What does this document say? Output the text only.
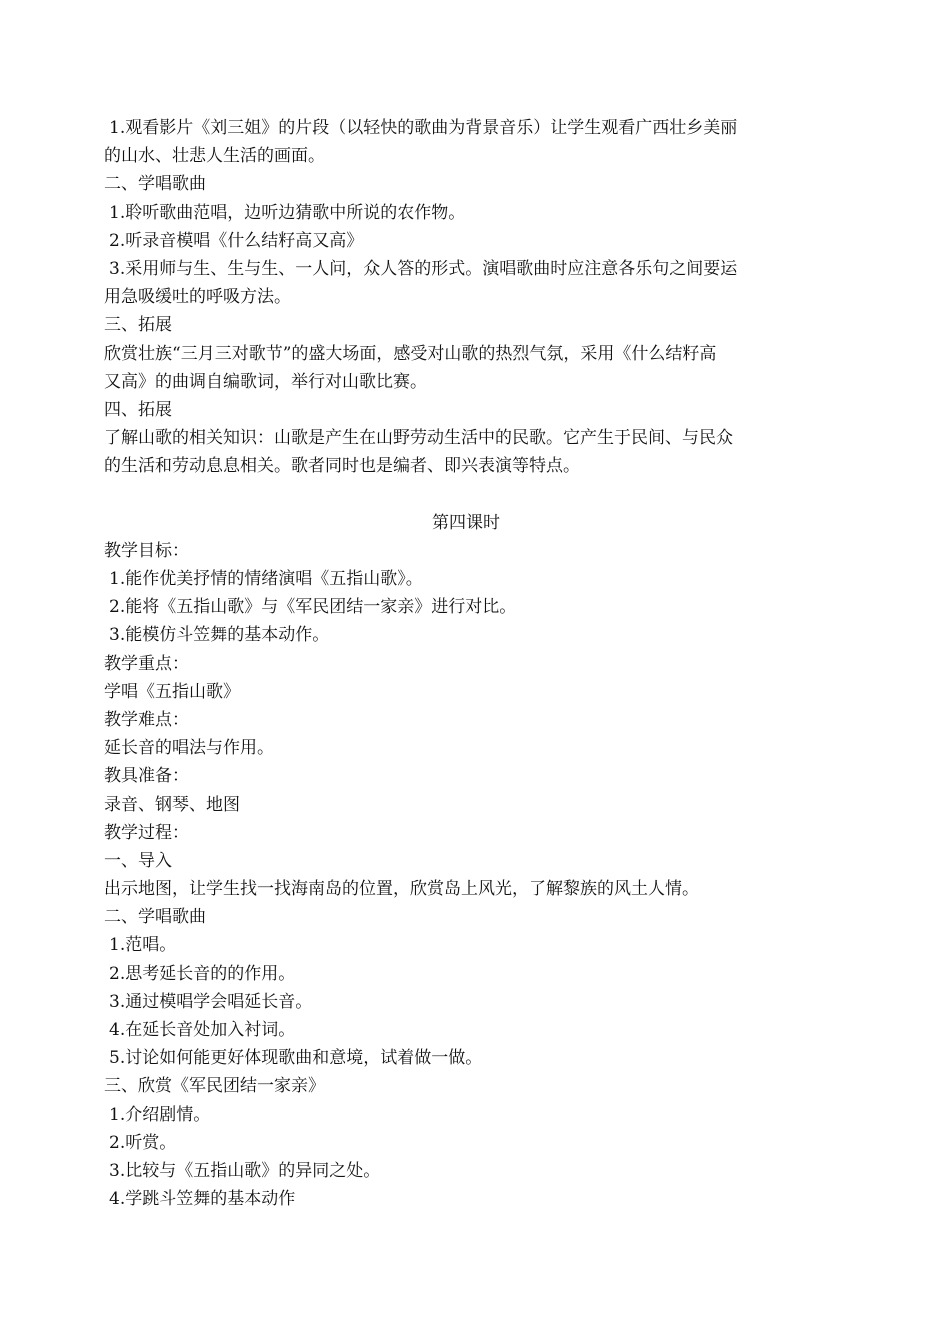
1.观看影片《刘三姐》的片段（以轻快的歌曲为背景音乐）让学生观看广西壮乡美丽
的山水、壮悲人生活的画面。
二、学唱歌曲
1.聆听歌曲范唱，边听边猜歌中所说的农作物。
2.听录音模唱《什么结籽高又高》
3.采用师与生、生与生、一人问，众人答的形式。演唱歌曲时应注意各乐句之间要运
用急吸缓吐的呼吸方法。
三、拓展
欣赏壮族“三月三对歌节”的盛大场面，感受对山歌的热烈气氛，采用《什么结籽高
又高》的曲调自编歌词，举行对山歌比赛。
四、拓展
了解山歌的相关知识：山歌是产生在山野劳动生活中的民歌。它产生于民间、与民众
的生活和劳动息息相关。歌者同时也是编者、即兴表演等特点。
第四课时
教学目标：
1.能作优美抒情的情绪演唱《五指山歌》。
2.能将《五指山歌》与《军民团结一家亲》进行对比。
3.能模仿斗笠舞的基本动作。
教学重点：
学唱《五指山歌》
教学难点：
延长音的唱法与作用。
教具准备：
录音、钢琴、地图
教学过程：
一、导入
出示地图，让学生找一找海南岛的位置，欣赏岛上风光，了解黎族的风土人情。
二、学唱歌曲
1.范唱。
2.思考延长音的的作用。
3.通过模唱学会唱延长音。
4.在延长音处加入衬词。
5.讨论如何能更好体现歌曲和意境，试着做一做。
三、欣赏《军民团结一家亲》
1.介绍剧情。
2.听赏。
3.比较与《五指山歌》的异同之处。
4.学跳斗笠舞的基本动作
